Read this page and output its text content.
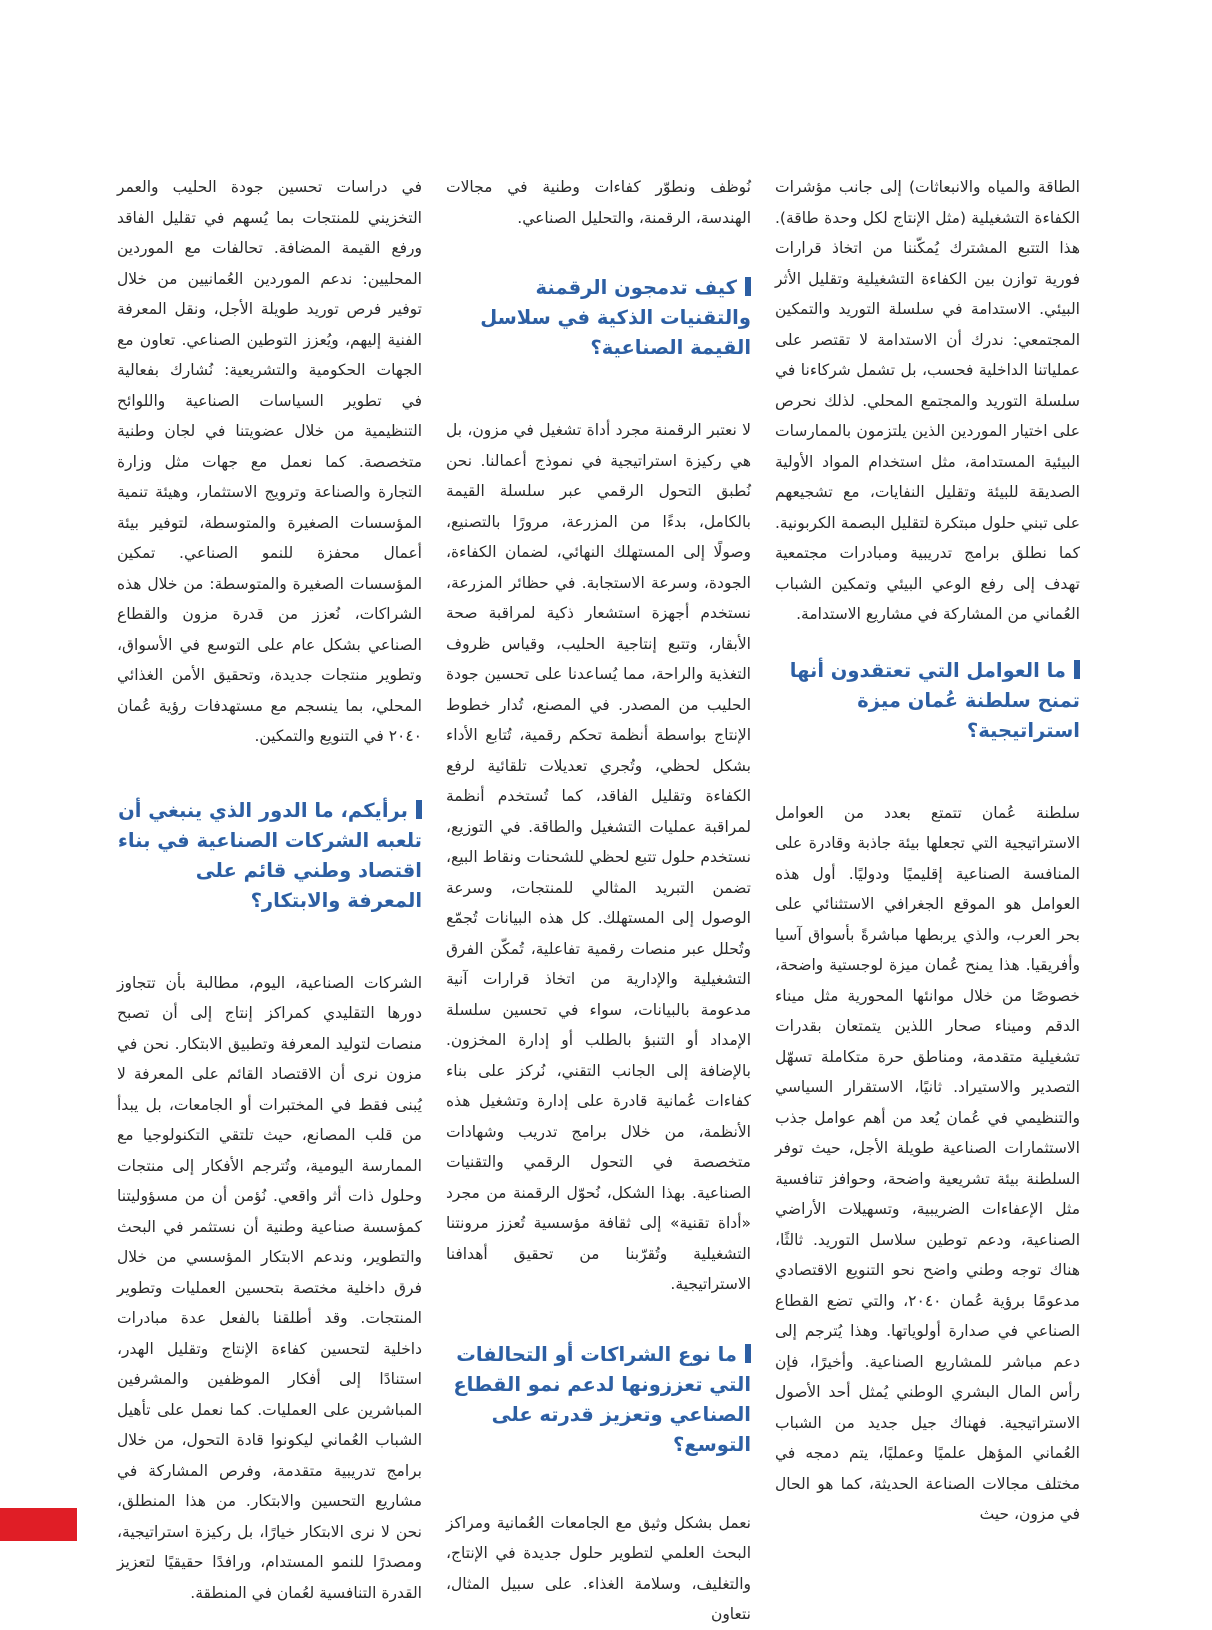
الطاقة والمياه والانبعاثات) إلى جانب مؤشرات الكفاءة التشغيلية (مثل الإنتاج لكل وحدة طاقة). هذا التتبع المشترك يُمكّننا من اتخاذ قرارات فورية توازن بين الكفاءة التشغيلية وتقليل الأثر البيئي. الاستدامة في سلسلة التوريد والتمكين المجتمعي: ندرك أن الاستدامة لا تقتصر على عملياتنا الداخلية فحسب، بل تشمل شركاءنا في سلسلة التوريد والمجتمع المحلي. لذلك نحرص على اختيار الموردين الذين يلتزمون بالممارسات البيئية المستدامة، مثل استخدام المواد الأولية الصديقة للبيئة وتقليل النفايات، مع تشجيعهم على تبني حلول مبتكرة لتقليل البصمة الكربونية. كما نطلق برامج تدريبية ومبادرات مجتمعية تهدف إلى رفع الوعي البيئي وتمكين الشباب العُماني من المشاركة في مشاريع الاستدامة.

ما العوامل التي تعتقدون أنها تمنح سلطنة عُمان ميزة استراتيجية؟

سلطنة عُمان تتمتع بعدد من العوامل الاستراتيجية التي تجعلها بيئة جاذبة وقادرة على المنافسة الصناعية إقليميًا ودوليًا. أول هذه العوامل هو الموقع الجغرافي الاستثنائي على بحر العرب، والذي يربطها مباشرةً بأسواق آسيا وأفريقيا. هذا يمنح عُمان ميزة لوجستية واضحة، خصوصًا من خلال موانئها المحورية مثل ميناء الدقم وميناء صحار اللذين يتمتعان بقدرات تشغيلية متقدمة، ومناطق حرة متكاملة تسهّل التصدير والاستيراد. ثانيًا، الاستقرار السياسي والتنظيمي في عُمان يُعد من أهم عوامل جذب الاستثمارات الصناعية طويلة الأجل، حيث توفر السلطنة بيئة تشريعية واضحة، وحوافز تنافسية مثل الإعفاءات الضريبية، وتسهيلات الأراضي الصناعية، ودعم توطين سلاسل التوريد. ثالثًا، هناك توجه وطني واضح نحو التنويع الاقتصادي مدعومًا برؤية عُمان ٢٠٤٠، والتي تضع القطاع الصناعي في صدارة أولوياتها. وهذا يُترجم إلى دعم مباشر للمشاريع الصناعية. وأخيرًا، فإن رأس المال البشري الوطني يُمثل أحد الأصول الاستراتيجية. فهناك جيل جديد من الشباب العُماني المؤهل علميًا وعمليًا، يتم دمجه في مختلف مجالات الصناعة الحديثة، كما هو الحال في مزون، حيث

نُوظف ونطوّر كفاءات وطنية في مجالات الهندسة، الرقمنة، والتحليل الصناعي.

كيف تدمجون الرقمنة والتقنيات الذكية في سلاسل القيمة الصناعية؟

لا نعتبر الرقمنة مجرد أداة تشغيل في مزون، بل هي ركيزة استراتيجية في نموذج أعمالنا. نحن نُطبق التحول الرقمي عبر سلسلة القيمة بالكامل، بدءًا من المزرعة، مرورًا بالتصنيع، وصولًا إلى المستهلك النهائي، لضمان الكفاءة، الجودة، وسرعة الاستجابة. في حظائر المزرعة، نستخدم أجهزة استشعار ذكية لمراقبة صحة الأبقار، وتتبع إنتاجية الحليب، وقياس ظروف التغذية والراحة، مما يُساعدنا على تحسين جودة الحليب من المصدر. في المصنع، تُدار خطوط الإنتاج بواسطة أنظمة تحكم رقمية، تُتابع الأداء بشكل لحظي، وتُجري تعديلات تلقائية لرفع الكفاءة وتقليل الفاقد، كما تُستخدم أنظمة لمراقبة عمليات التشغيل والطاقة. في التوزيع، نستخدم حلول تتبع لحظي للشحنات ونقاط البيع، تضمن التبريد المثالي للمنتجات، وسرعة الوصول إلى المستهلك. كل هذه البيانات تُجمّع وتُحلل عبر منصات رقمية تفاعلية، تُمكّن الفرق التشغيلية والإدارية من اتخاذ قرارات آنية مدعومة بالبيانات، سواء في تحسين سلسلة الإمداد أو التنبؤ بالطلب أو إدارة المخزون. بالإضافة إلى الجانب التقني، نُركز على بناء كفاءات عُمانية قادرة على إدارة وتشغيل هذه الأنظمة، من خلال برامج تدريب وشهادات متخصصة في التحول الرقمي والتقنيات الصناعية. بهذا الشكل، نُحوّل الرقمنة من مجرد «أداة تقنية» إلى ثقافة مؤسسية تُعزز مرونتنا التشغيلية وتُقرّبنا من تحقيق أهدافنا الاستراتيجية.

ما نوع الشراكات أو التحالفات التي تعززونها لدعم نمو القطاع الصناعي وتعزيز قدرته على التوسع؟

نعمل بشكل وثيق مع الجامعات العُمانية ومراكز البحث العلمي لتطوير حلول جديدة في الإنتاج، والتغليف، وسلامة الغذاء. على سبيل المثال، نتعاون

في دراسات تحسين جودة الحليب والعمر التخزيني للمنتجات بما يُسهم في تقليل الفاقد ورفع القيمة المضافة. تحالفات مع الموردين المحليين: ندعم الموردين العُمانيين من خلال توفير فرص توريد طويلة الأجل، ونقل المعرفة الفنية إليهم، ويُعزز التوطين الصناعي. تعاون مع الجهات الحكومية والتشريعية: نُشارك بفعالية في تطوير السياسات الصناعية واللوائح التنظيمية من خلال عضويتنا في لجان وطنية متخصصة. كما نعمل مع جهات مثل وزارة التجارة والصناعة وترويج الاستثمار، وهيئة تنمية المؤسسات الصغيرة والمتوسطة، لتوفير بيئة أعمال محفزة للنمو الصناعي. تمكين المؤسسات الصغيرة والمتوسطة: من خلال هذه الشراكات، نُعزز من قدرة مزون والقطاع الصناعي بشكل عام على التوسع في الأسواق، وتطوير منتجات جديدة، وتحقيق الأمن الغذائي المحلي، بما ينسجم مع مستهدفات رؤية عُمان ٢٠٤٠ في التنويع والتمكين.

برأيكم، ما الدور الذي ينبغي أن تلعبه الشركات الصناعية في بناء اقتصاد وطني قائم على المعرفة والابتكار؟

الشركات الصناعية، اليوم، مطالبة بأن تتجاوز دورها التقليدي كمراكز إنتاج إلى أن تصبح منصات لتوليد المعرفة وتطبيق الابتكار. نحن في مزون نرى أن الاقتصاد القائم على المعرفة لا يُبنى فقط في المختبرات أو الجامعات، بل يبدأ من قلب المصانع، حيث تلتقي التكنولوجيا مع الممارسة اليومية، وتُترجم الأفكار إلى منتجات وحلول ذات أثر واقعي. نُؤمن أن من مسؤوليتنا كمؤسسة صناعية وطنية أن نستثمر في البحث والتطوير، وندعم الابتكار المؤسسي من خلال فرق داخلية مختصة بتحسين العمليات وتطوير المنتجات. وقد أطلقنا بالفعل عدة مبادرات داخلية لتحسين كفاءة الإنتاج وتقليل الهدر، استنادًا إلى أفكار الموظفين والمشرفين المباشرين على العمليات. كما نعمل على تأهيل الشباب العُماني ليكونوا قادة التحول، من خلال برامج تدريبية متقدمة، وفرص المشاركة في مشاريع التحسين والابتكار. من هذا المنطلق، نحن لا نرى الابتكار خيارًا، بل ركيزة استراتيجية، ومصدرًا للنمو المستدام، ورافدًا حقيقيًا لتعزيز القدرة التنافسية لعُمان في المنطقة.
